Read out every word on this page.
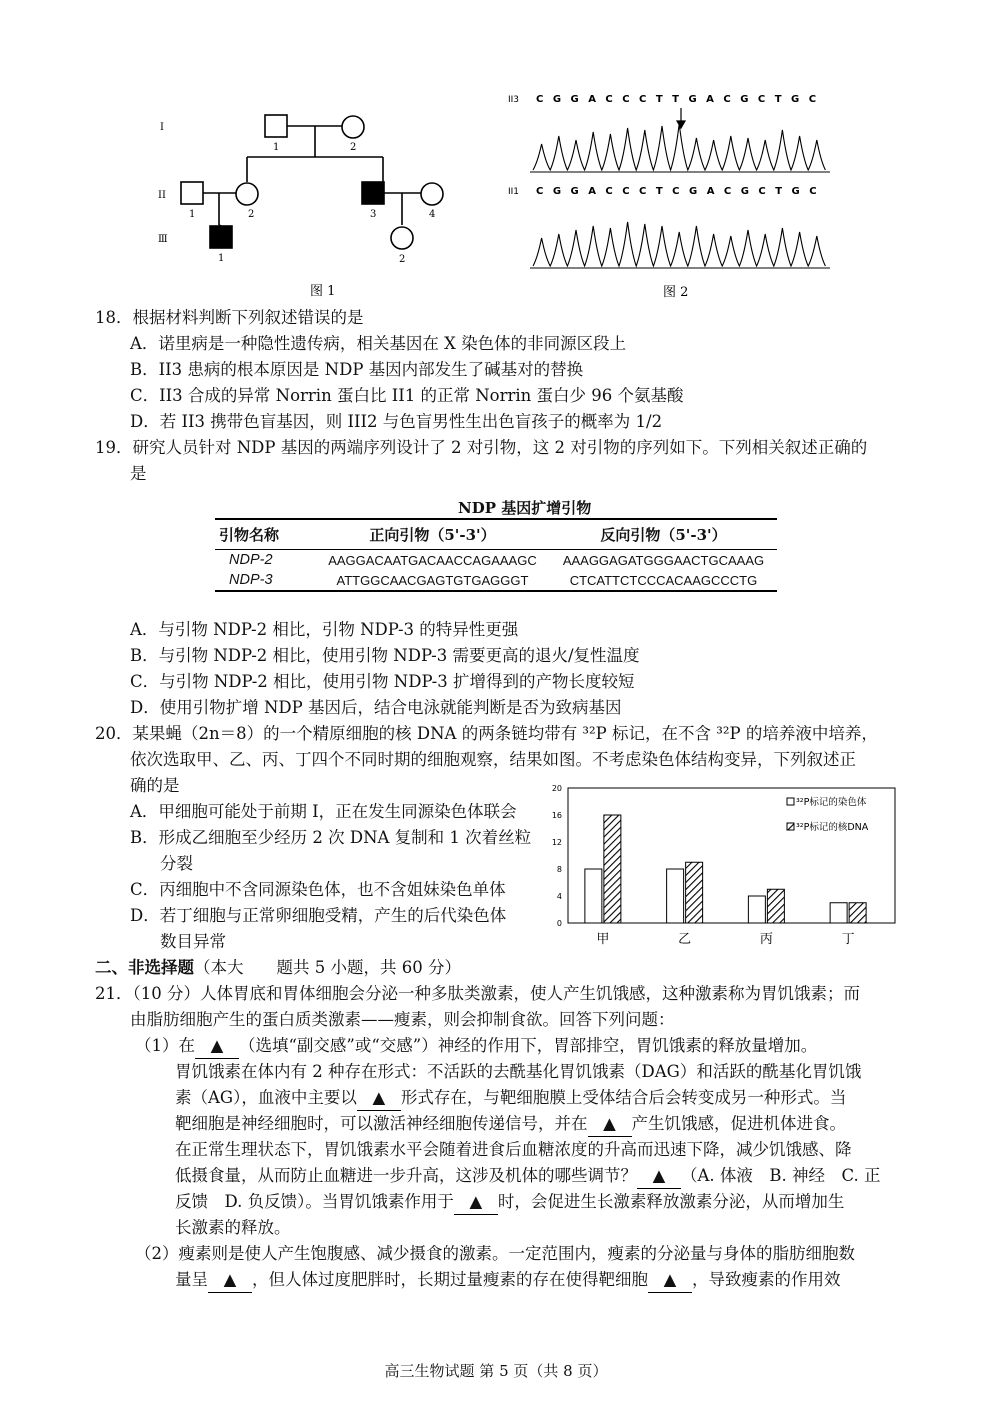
I
II
Ⅲ
1	2
1	2	3	4
1	2
图 1
II3 C G G A C C C T T G A C G C T G C
II1 C G G A C C C T C G A C G C T G C
图 2
18．根据材料判断下列叙述错误的是
A．诺里病是一种隐性遗传病，相关基因在 X 染色体的非同源区段上
B．II3 患病的根本原因是 NDP 基因内部发生了碱基对的替换
C．II3 合成的异常 Norrin 蛋白比 II1 的正常 Norrin 蛋白少 96 个氨基酸
D．若 II3 携带色盲基因，则 III2 与色盲男性生出色盲孩子的概率为 1/2
19．研究人员针对 NDP 基因的两端序列设计了 2 对引物，这 2 对引物的序列如下。下列相关叙述正确的
是
NDP 基因扩增引物
引物名称	正向引物（5'-3'）	反向引物（5'-3'）
NDP-2	AAGGACAATGACAACCAGAAAGC	AAAGGAGATGGGAACTGCAAAG
NDP-3	ATTGGCAACGAGTGTGAGGGT	CTCATTCTCCCACAAGCCCTG
A．与引物 NDP-2 相比，引物 NDP-3 的特异性更强
B．与引物 NDP-2 相比，使用引物 NDP-3 需要更高的退火/复性温度
C．与引物 NDP-2 相比，使用引物 NDP-3 扩增得到的产物长度较短
D．使用引物扩增 NDP 基因后，结合电泳就能判断是否为致病基因
20．某果蝇（2n＝8）的一个精原细胞的核 DNA 的两条链均带有 ³²P 标记，在不含 ³²P 的培养液中培养，
依次选取甲、乙、丙、丁四个不同时期的细胞观察，结果如图。不考虑染色体结构变异，下列叙述正
确的是
A．甲细胞可能处于前期 I，正在发生同源染色体联会
B．形成乙细胞至少经历 2 次 DNA 复制和 1 次着丝粒
分裂
C．丙细胞中不含同源染色体，也不含姐妹染色单体
D．若丁细胞与正常卵细胞受精，产生的后代染色体
数目异常
0
4
8
12
16
20
甲	乙	丙	丁
³²P标记的染色体
³²P标记的核DNA
二、非选择题（本大　　题共 5 小题，共 60 分）
21．（10 分）人体胃底和胃体细胞会分泌一种多肽类激素，使人产生饥饿感，这种激素称为胃饥饿素；而
由脂肪细胞产生的蛋白质类激素——瘦素，则会抑制食欲。回答下列问题：
（1）在 ▲ （选填“副交感”或“交感”）神经的作用下，胃部排空，胃饥饿素的释放量增加。
胃饥饿素在体内有 2 种存在形式：不活跃的去酰基化胃饥饿素（DAG）和活跃的酰基化胃饥饿
素（AG），血液中主要以 ▲ 形式存在，与靶细胞膜上受体结合后会转变成另一种形式。当
靶细胞是神经细胞时，可以激活神经细胞传递信号，并在 ▲ 产生饥饿感，促进机体进食。
在正常生理状态下，胃饥饿素水平会随着进食后血糖浓度的升高而迅速下降，减少饥饿感、降
低摄食量，从而防止血糖进一步升高，这涉及机体的哪些调节？ ▲ （A. 体液　B. 神经　C. 正
反馈　D. 负反馈）。当胃饥饿素作用于 ▲ 时，会促进生长激素释放激素分泌，从而增加生
长激素的释放。
（2）瘦素则是使人产生饱腹感、减少摄食的激素。一定范围内，瘦素的分泌量与身体的脂肪细胞数
量呈 ▲ ，但人体过度肥胖时，长期过量瘦素的存在使得靶细胞 ▲ ，导致瘦素的作用效
高三生物试题 第 5 页（共 8 页）
